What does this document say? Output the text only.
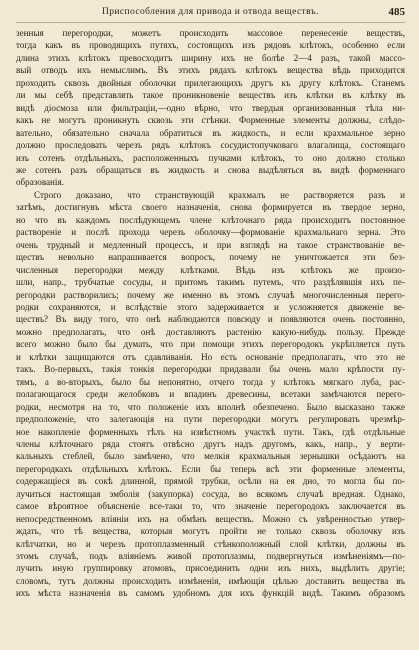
Приспособления для привода и отвода веществъ.	485

зенныя перегородки, можетъ происходить массовое перенесеніе веществъ,
тогда какъ въ проводящихъ путяхъ, состоящихъ изъ рядовъ клѣтокъ, особенно если
длина этихъ клѣтокъ превосходитъ ширину ихъ не болѣе 2—4 разъ, такой массо-
вый отводъ ихъ немыслимъ. Въ этихъ рядахъ клѣтокъ вещества вѣдь приходится
проходить сквозь двойныя оболочки прилегающихъ другъ къ другу клѣтокъ. Станемъ
ли мы себѣ представлять такое проникновеніе веществъ изъ клѣтки въ клѣтку въ
видѣ діосмоза или фильтраціи,—одно вѣрно, что твердыя организованныя тѣла ни-
какъ не могутъ проникнуть сквозь эти стѣнки. Форменные элементы должны, слѣдо-
вательно, обязательно сначала обратиться въ жидкость, и если крахмальное зерно
должно проследовать черезъ рядъ клѣтокъ сосудистопучковаго влагалища, состоящаго
изъ сотенъ отдѣльныхъ, расположенныхъ пучками клѣтокъ, то оно должно столько
же сотенъ разъ обращаться въ жидкость и снова выдѣляться въ видѣ форменнаго
образованія.

Строго доказано, что странствующій крахмалъ не растворяется разъ и
затѣмъ, достигнувъ мѣста своего назначенія, снова формируется въ твердое зерно,
но что въ каждомъ послѣдующемъ члене клѣточнаго ряда происходитъ постоянное
раствореніе и послѣ прохода черезъ оболочку—формованіе крахмальнаго зерна. Это
очень трудный и медленный процессъ, и при взглядѣ на такое странствованіе ве-
ществъ невольно напрашивается вопросъ, почему не уничтожается эти без-
численныя перегородки между клѣтками. Вѣдь изъ клѣтокъ же произо-
шли, напр., трубчатые сосуды, и притомъ такимъ путемъ, что раздѣлявшія ихъ пе-
регородки растворились; почему же именно въ этомъ случаѣ многочисленныя перего-
родки сохраняются, и вслѣдствіе этого задерживается и усложняется движеніе ве-
ществъ? Въ виду того, что онѣ наблюдаются повсюду и появляются очень постоянно,
можно предполагать, что онѣ доставляютъ растенію какую-нибудь пользу. Прежде
всего можно было бы думать, что при помощи этихъ перегородокъ укрѣпляется путь
и клѣтки защищаются отъ сдавливанія. Но есть основаніе предполагать, что это не
такъ. Во-первыхъ, такія тонкія перегородки придавали бы очень мало крѣпости пу-
тямъ, а во-вторыхъ, было бы непонятно, отчего тогда у клѣтокъ мягкаго луба, рас-
полагающагося среди желобковъ и впадинъ древесины, всетаки замѣчаются перего-
родки, несмотря на то, что положеніе ихъ вполнѣ обезпечено. Было высказано также
предположеніе, что залегающія на пути перегородки могутъ регулировать чрезмѣр-
ное накопленіе форменныхъ тѣлъ на извѣстномъ участкѣ пути. Такъ, гдѣ отдѣльные
члены клѣточнаго ряда стоятъ отвѣсно другъ надъ другомъ, какъ, напр., у верти-
кальныхъ стеблей, было замѣчено, что мелкія крахмальныя зернышки осѣдаютъ на
перегородкахъ отдѣльныхъ клѣтокъ. Если бы теперь всѣ эти форменные элементы,
содержащіеся въ сокѣ длинной, прямой трубки, осѣли на ея дно, то могла бы по-
лучиться настоящая эмболія (закупорка) сосуда, во всякомъ случаѣ вредная. Однако,
самое вѣроятное объясненіе все-таки то, что значеніе перегородокъ заключается въ
непосредственномъ вліяніи ихъ на обмѣнъ веществъ. Можно съ увѣренностью утвер-
ждать, что тѣ вещества, которыя могутъ пройти не только сквозь оболочку изъ
клѣтчатки, но и черезъ протоплазменный стѣнкоположный слой клѣтки, должны въ
этомъ случаѣ, подъ вліяніемъ живой протоплазмы, подвергнуться измѣненіямъ—по-
лучить иную группировку атомовъ, присоединить одни изъ нихъ, выдѣлить другіе;
словомъ, тутъ должны происходить измѣненія, имѣющія цѣлью доставить вещества въ
ихъ мѣста назначенія въ самомъ удобномъ для ихъ функцій видѣ. Такимъ образомъ
